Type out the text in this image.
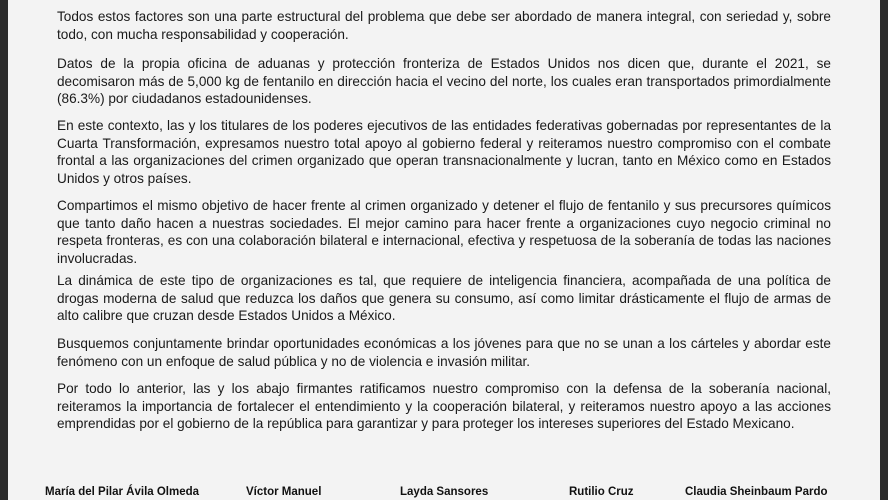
Todos estos factores son una parte estructural del problema que debe ser abordado de manera integral, con seriedad y, sobre todo, con mucha responsabilidad y cooperación.

Datos de la propia oficina de aduanas y protección fronteriza de Estados Unidos nos dicen que, durante el 2021, se decomisaron más de 5,000 kg de fentanilo en dirección hacia el vecino del norte, los cuales eran transportados primordialmente (86.3%) por ciudadanos estadounidenses.

En este contexto, las y los titulares de los poderes ejecutivos de las entidades federativas gobernadas por representantes de la Cuarta Transformación, expresamos nuestro total apoyo al gobierno federal y reiteramos nuestro compromiso con el combate frontal a las organizaciones del crimen organizado que operan transnacionalmente y lucran, tanto en México como en Estados Unidos y otros países.

Compartimos el mismo objetivo de hacer frente al crimen organizado y detener el flujo de fentanilo y sus precursores químicos que tanto daño hacen a nuestras sociedades. El mejor camino para hacer frente a organizaciones cuyo negocio criminal no respeta fronteras, es con una colaboración bilateral e internacional, efectiva y respetuosa de la soberanía de todas las naciones involucradas.

La dinámica de este tipo de organizaciones es tal, que requiere de inteligencia financiera, acompañada de una política de drogas moderna de salud que reduzca los daños que genera su consumo, así como limitar drásticamente el flujo de armas de alto calibre que cruzan desde Estados Unidos a México.

Busquemos conjuntamente brindar oportunidades económicas a los jóvenes para que no se unan a los cárteles y abordar este fenómeno con un enfoque de salud pública y no de violencia e invasión militar.

Por todo lo anterior, las y los abajo firmantes ratificamos nuestro compromiso con la defensa de la soberanía nacional, reiteramos la importancia de fortalecer el entendimiento y la cooperación bilateral, y reiteramos nuestro apoyo a las acciones emprendidas por el gobierno de la república para garantizar y para proteger los intereses superiores del Estado Mexicano.

María del Pilar Ávila Olmeda	Víctor Manuel	Layda Sansores	Rutilio Cruz	Claudia Sheinbaum Pardo
